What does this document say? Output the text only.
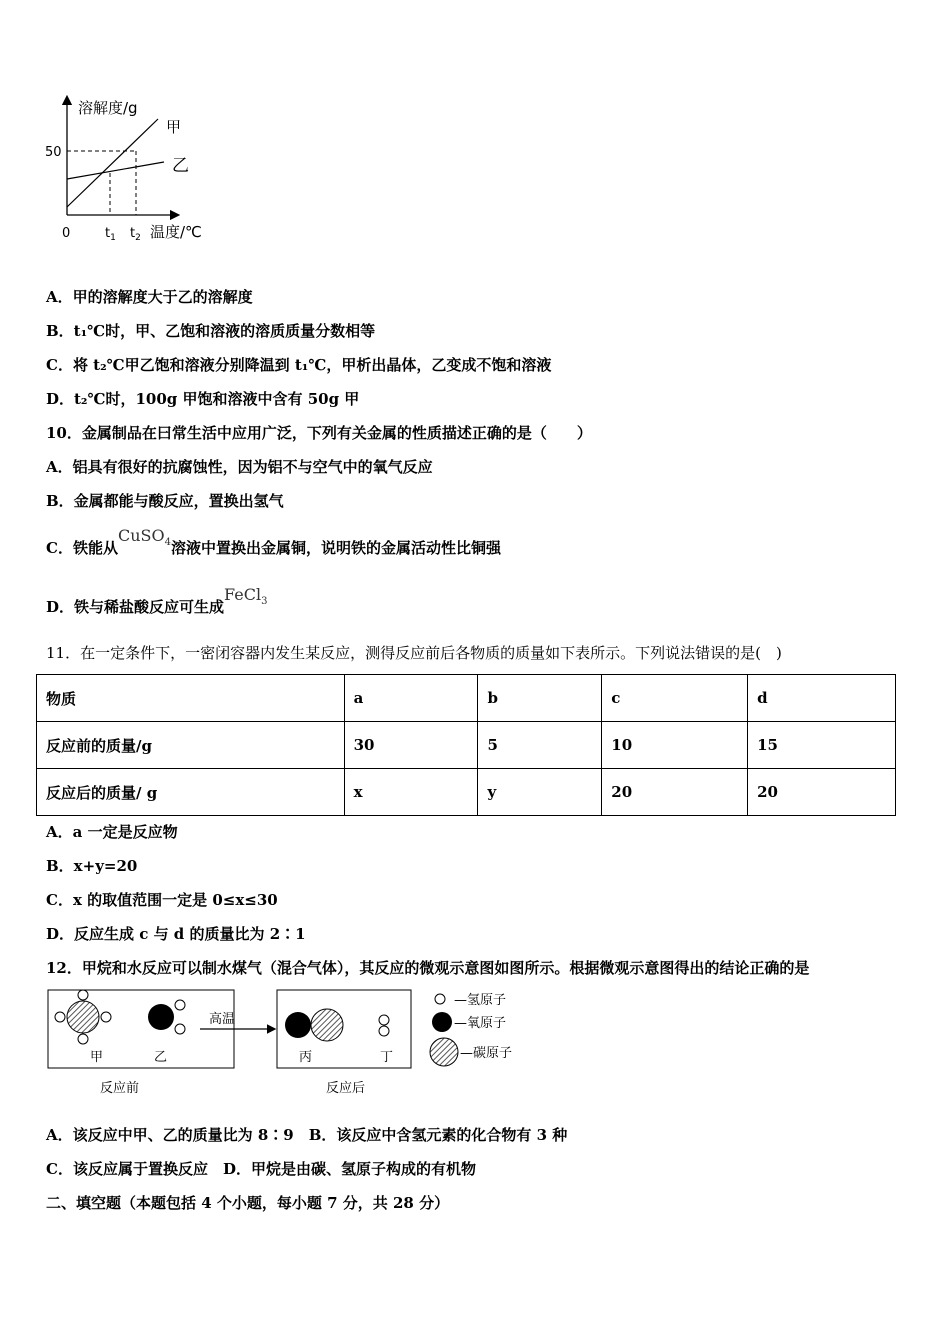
溶解度/g
50
0	$t_1$ $t_2$ 温度/℃
甲
乙
A．甲的溶解度大于乙的溶解度
B．t₁℃时，甲、乙饱和溶液的溶质质量分数相等
C．将 t₂℃甲乙饱和溶液分别降温到 t₁℃，甲析出晶体，乙变成不饱和溶液
D．t₂℃时，100g 甲饱和溶液中含有 50g 甲
10．金属制品在曰常生活中应用广泛，下列有关金属的性质描述正确的是（　　）
A．铝具有很好的抗腐蚀性，因为铝不与空气中的氧气反应
B．金属都能与酸反应，置换出氢气
C．铁能从CuSO$_4$溶液中置换出金属铜，说明铁的金属活动性比铜强
D．铁与稀盐酸反应可生成FeCl$_3$
11．在一定条件下，一密闭容器内发生某反应，测得反应前后各物质的质量如下表所示。下列说法错误的是(　)
物质	a	b	c	d
反应前的质量/g	30	5	10	15
反应后的质量/ g	x	y	20	20
A．a 一定是反应物
B．x+y=20
C．x 的取值范围一定是 0≤x≤30
D．反应生成 c 与 d 的质量比为 2∶1
12．甲烷和水反应可以制水煤气（混合气体），其反应的微观示意图如图所示。根据微观示意图得出的结论正确的是
甲	乙
高温
丙	丁
反应前	反应后
—氢原子
—氧原子
—碳原子
A．该反应中甲、乙的质量比为 8∶9　B．该反应中含氢元素的化合物有 3 种
C．该反应属于置换反应　D．甲烷是由碳、氢原子构成的有机物
二、填空题（本题包括 4 个小题，每小题 7 分，共 28 分）
